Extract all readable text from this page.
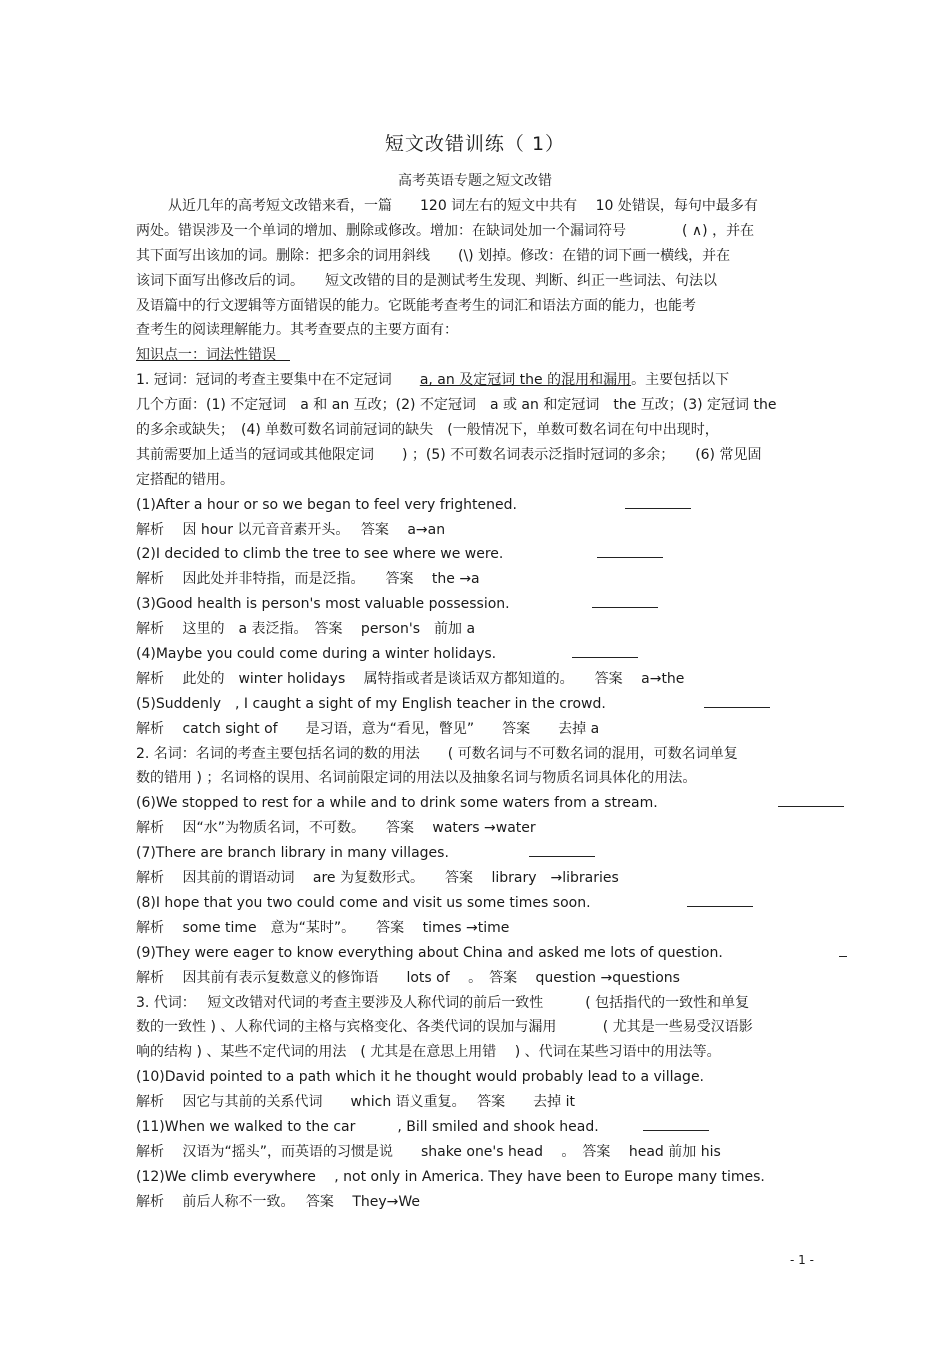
短文改错训练（ 1）
高考英语专题之短文改错
从近几年的高考短文改错来看，一篇　　120 词左右的短文中共有　 10 处错误，每句中最多有
两处。错误涉及一个单词的增加、删除或修改。增加：在缺词处加一个漏词符号　　　　( ∧) ，并在
其下面写出该加的词。删除：把多余的词用斜线　　(\) 划掉。修改：在错的词下画一横线，并在
该词下面写出修改后的词。　　短文改错的目的是测试考生发现、判断、纠正一些词法、句法以
及语篇中的行文逻辑等方面错误的能力。它既能考查考生的词汇和语法方面的能力，也能考
查考生的阅读理解能力。其考查要点的主要方面有：
知识点一：词法性错误　
1. 冠词：冠词的考查主要集中在不定冠词　　 a, an 及定冠词 the 的混用和漏用。主要包括以下
几个方面：(1) 不定冠词　a 和 an 互改；(2) 不定冠词　a 或 an 和定冠词　the 互改；(3) 定冠词 the
的多余或缺失；　(4) 单数可数名词前冠词的缺失　(一般情况下，单数可数名词在句中出现时，
其前需要加上适当的冠词或其他限定词　　) ；(5) 不可数名词表示泛指时冠词的多余；　　(6) 常见固
定搭配的错用。
(1)After a hour or so we began to feel very frightened.
解析　 因 hour 以元音音素开头。　 答案　 a→an
(2)I decided to climb the tree to see where we were.
解析　 因此处并非特指，而是泛指。　　答案　 the →a
(3)Good health is person's most valuable possession.
解析　 这里的　a 表泛指。　答案　 person's　前加 a
(4)Maybe you could come during a winter holidays.
解析　 此处的　winter holidays　 属特指或者是谈话双方都知道的。　　答案　 a→the
(5)Suddenly　, I caught a sight of my English teacher in the crowd.
解析　 catch sight of　　是习语，意为“看见，瞥见”　　答案　　去掉 a
2. 名词：名词的考查主要包括名词的数的用法　　( 可数名词与不可数名词的混用，可数名词单复
数的错用 ) ；名词格的误用、名词前限定词的用法以及抽象名词与物质名词具体化的用法。
(6)We stopped to rest for a while and to drink some waters from a stream.
解析　 因“水”为物质名词，不可数。　　答案　 waters →water
(7)There are branch library in many villages.
解析　 因其前的谓语动词　 are 为复数形式。　　答案　 library　→libraries
(8)I hope that you two could come and visit us some times soon.
解析　 some time　意为“某时”。　　答案　 times →time
(9)They were eager to know everything about China and asked me lots of question.
解析　 因其前有表示复数意义的修饰语　　lots of　 。　答案　 question →questions
3. 代词：　 短文改错对代词的考查主要涉及人称代词的前后一致性　　　( 包括指代的一致性和单复
数的一致性 ) 、人称代词的主格与宾格变化、各类代词的误加与漏用　　　 ( 尤其是一些易受汉语影
响的结构 ) 、某些不定代词的用法　( 尤其是在意思上用错　 ) 、代词在某些习语中的用法等。
(10)David pointed to a path which it he thought would probably lead to a village.
解析　 因它与其前的关系代词　　which 语义重复。　 答案　　去掉 it
(11)When we walked to the car　　　, Bill smiled and shook head.
解析　 汉语为“摇头”，而英语的习惯是说　　shake one's head　 。　答案　 head 前加 his
(12)We climb everywhere　 , not only in America. They have been to Europe many times.
解析　 前后人称不一致。　 答案　 They→We
- 1 -
